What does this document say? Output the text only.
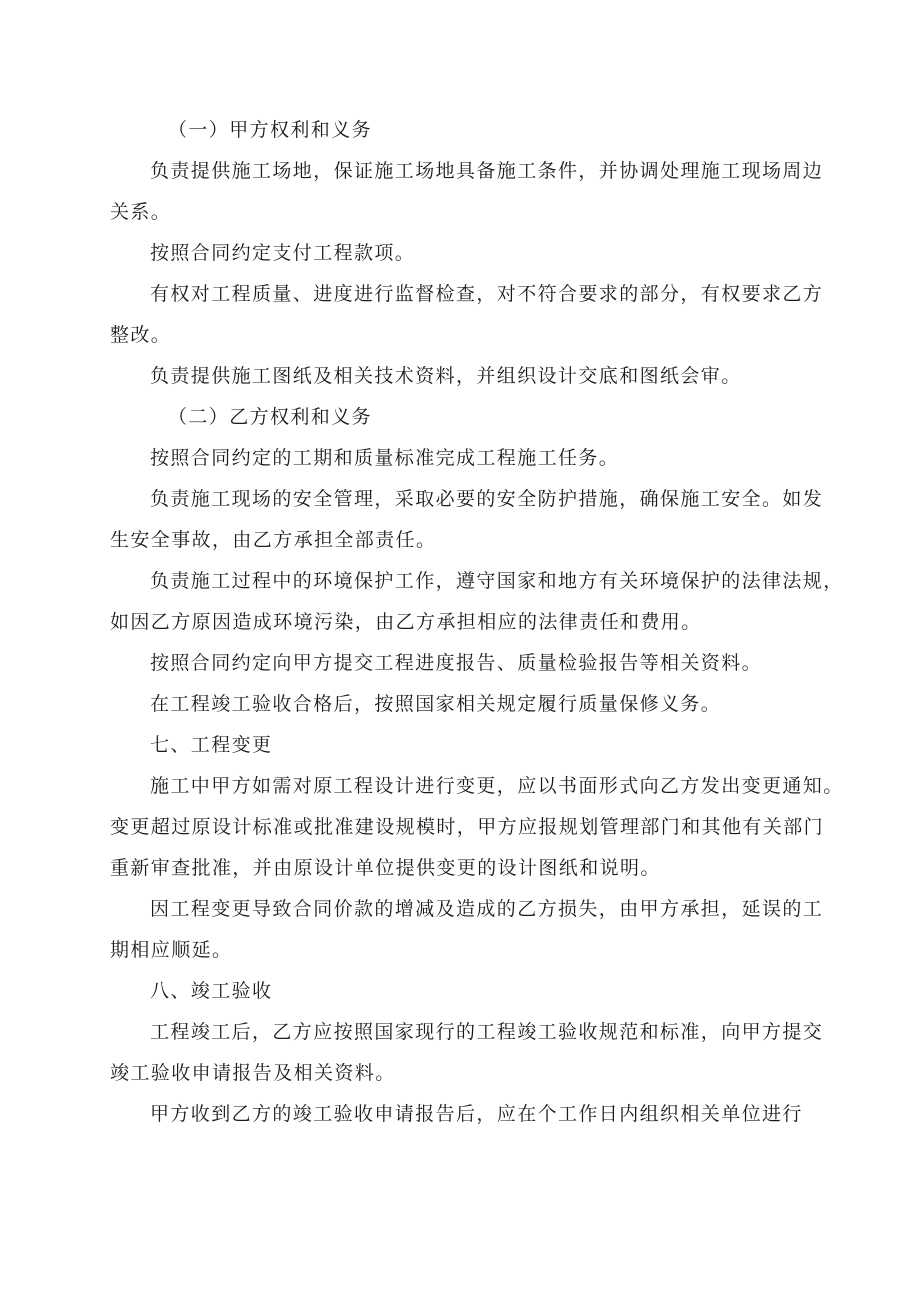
（一）甲方权利和义务
负责提供施工场地，保证施工场地具备施工条件，并协调处理施工现场周边
关系。
按照合同约定支付工程款项。
有权对工程质量、进度进行监督检查，对不符合要求的部分，有权要求乙方
整改。
负责提供施工图纸及相关技术资料，并组织设计交底和图纸会审。
（二）乙方权利和义务
按照合同约定的工期和质量标准完成工程施工任务。
负责施工现场的安全管理，采取必要的安全防护措施，确保施工安全。如发
生安全事故，由乙方承担全部责任。
负责施工过程中的环境保护工作，遵守国家和地方有关环境保护的法律法规，
如因乙方原因造成环境污染，由乙方承担相应的法律责任和费用。
按照合同约定向甲方提交工程进度报告、质量检验报告等相关资料。
在工程竣工验收合格后，按照国家相关规定履行质量保修义务。
七、工程变更
施工中甲方如需对原工程设计进行变更，应以书面形式向乙方发出变更通知。
变更超过原设计标准或批准建设规模时，甲方应报规划管理部门和其他有关部门
重新审查批准，并由原设计单位提供变更的设计图纸和说明。
因工程变更导致合同价款的增减及造成的乙方损失，由甲方承担，延误的工
期相应顺延。
八、竣工验收
工程竣工后，乙方应按照国家现行的工程竣工验收规范和标准，向甲方提交
竣工验收申请报告及相关资料。
甲方收到乙方的竣工验收申请报告后，应在个工作日内组织相关单位进行
